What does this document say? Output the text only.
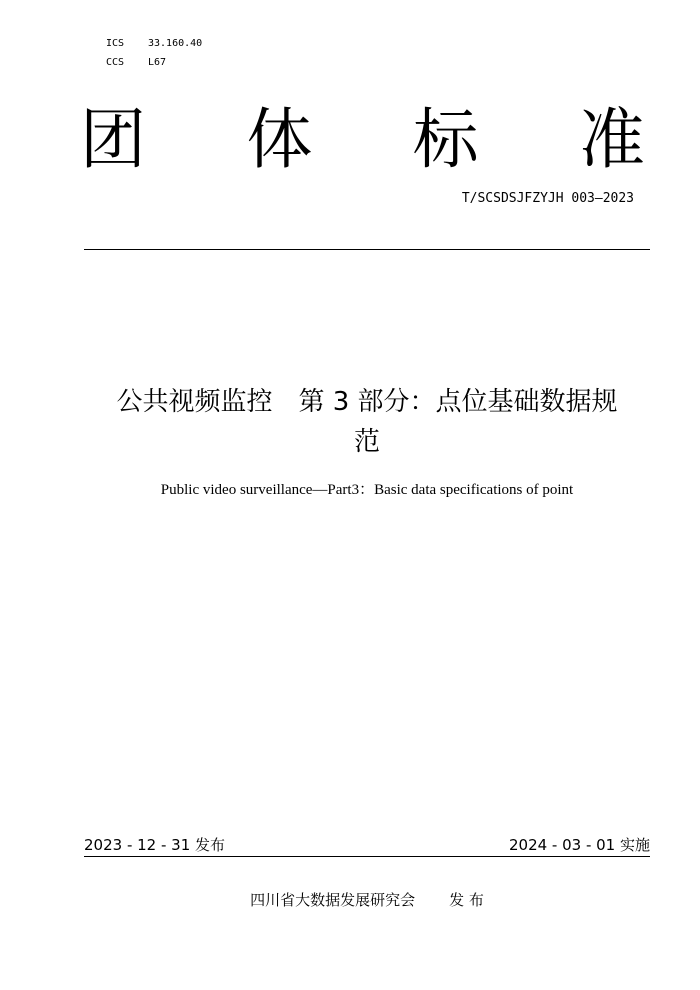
ICS	33.160.40
CCS	L67
团 体 标 准
T/SCSDSJFZYJH 003—2023
公共视频监控　第 3 部分：点位基础数据规
范
Public video surveillance—Part3：Basic data specifications of point
2023 - 12 - 31 发布	2024 - 03 - 01 实施
四川省大数据发展研究会 发 布
